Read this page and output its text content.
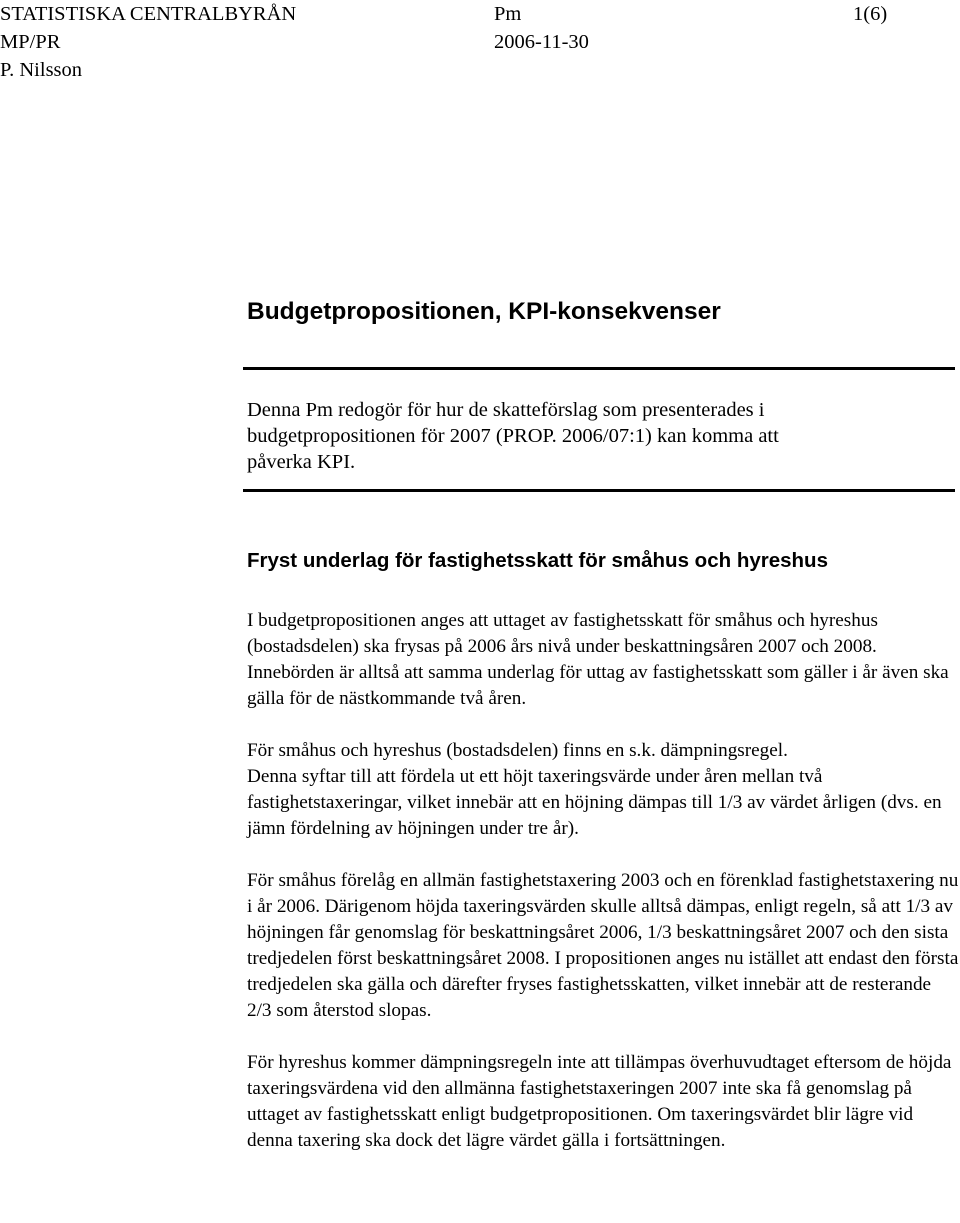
STATISTISKA CENTRALBYRÅN	Pm	1(6)
MP/PR	2006-11-30
P. Nilsson
Budgetpropositionen, KPI-konsekvenser

Denna Pm redogör för hur de skatteförslag som presenterades i budgetpropositionen för 2007 (PROP. 2006/07:1) kan komma att påverka KPI.

Fryst underlag för fastighetsskatt för småhus och hyreshus

I budgetpropositionen anges att uttaget av fastighetsskatt för småhus och hyreshus (bostadsdelen) ska frysas på 2006 års nivå under beskattningsåren 2007 och 2008. Innebörden är alltså att samma underlag för uttag av fastighetsskatt som gäller i år även ska gälla för de nästkommande två åren.

För småhus och hyreshus (bostadsdelen) finns en s.k. dämpningsregel.

Denna syftar till att fördela ut ett höjt taxeringsvärde under åren mellan två fastighetstaxeringar, vilket innebär att en höjning dämpas till 1/3 av värdet årligen (dvs. en jämn fördelning av höjningen under tre år).

För småhus förelåg en allmän fastighetstaxering 2003 och en förenklad fastighetstaxering nu i år 2006. Därigenom höjda taxeringsvärden skulle alltså dämpas, enligt regeln, så att 1/3 av höjningen får genomslag för beskattningsåret 2006, 1/3 beskattningsåret 2007 och den sista tredjedelen först beskattningsåret 2008. I propositionen anges nu istället att endast den första tredjedelen ska gälla och därefter fryses fastighetsskatten, vilket innebär att de resterande 2/3 som återstod slopas.

För hyreshus kommer dämpningsregeln inte att tillämpas överhuvudtaget eftersom de höjda taxeringsvärdena vid den allmänna fastighetstaxeringen 2007 inte ska få genomslag på uttaget av fastighetsskatt enligt budgetpropositionen. Om taxeringsvärdet blir lägre vid denna taxering ska dock det lägre värdet gälla i fortsättningen.
